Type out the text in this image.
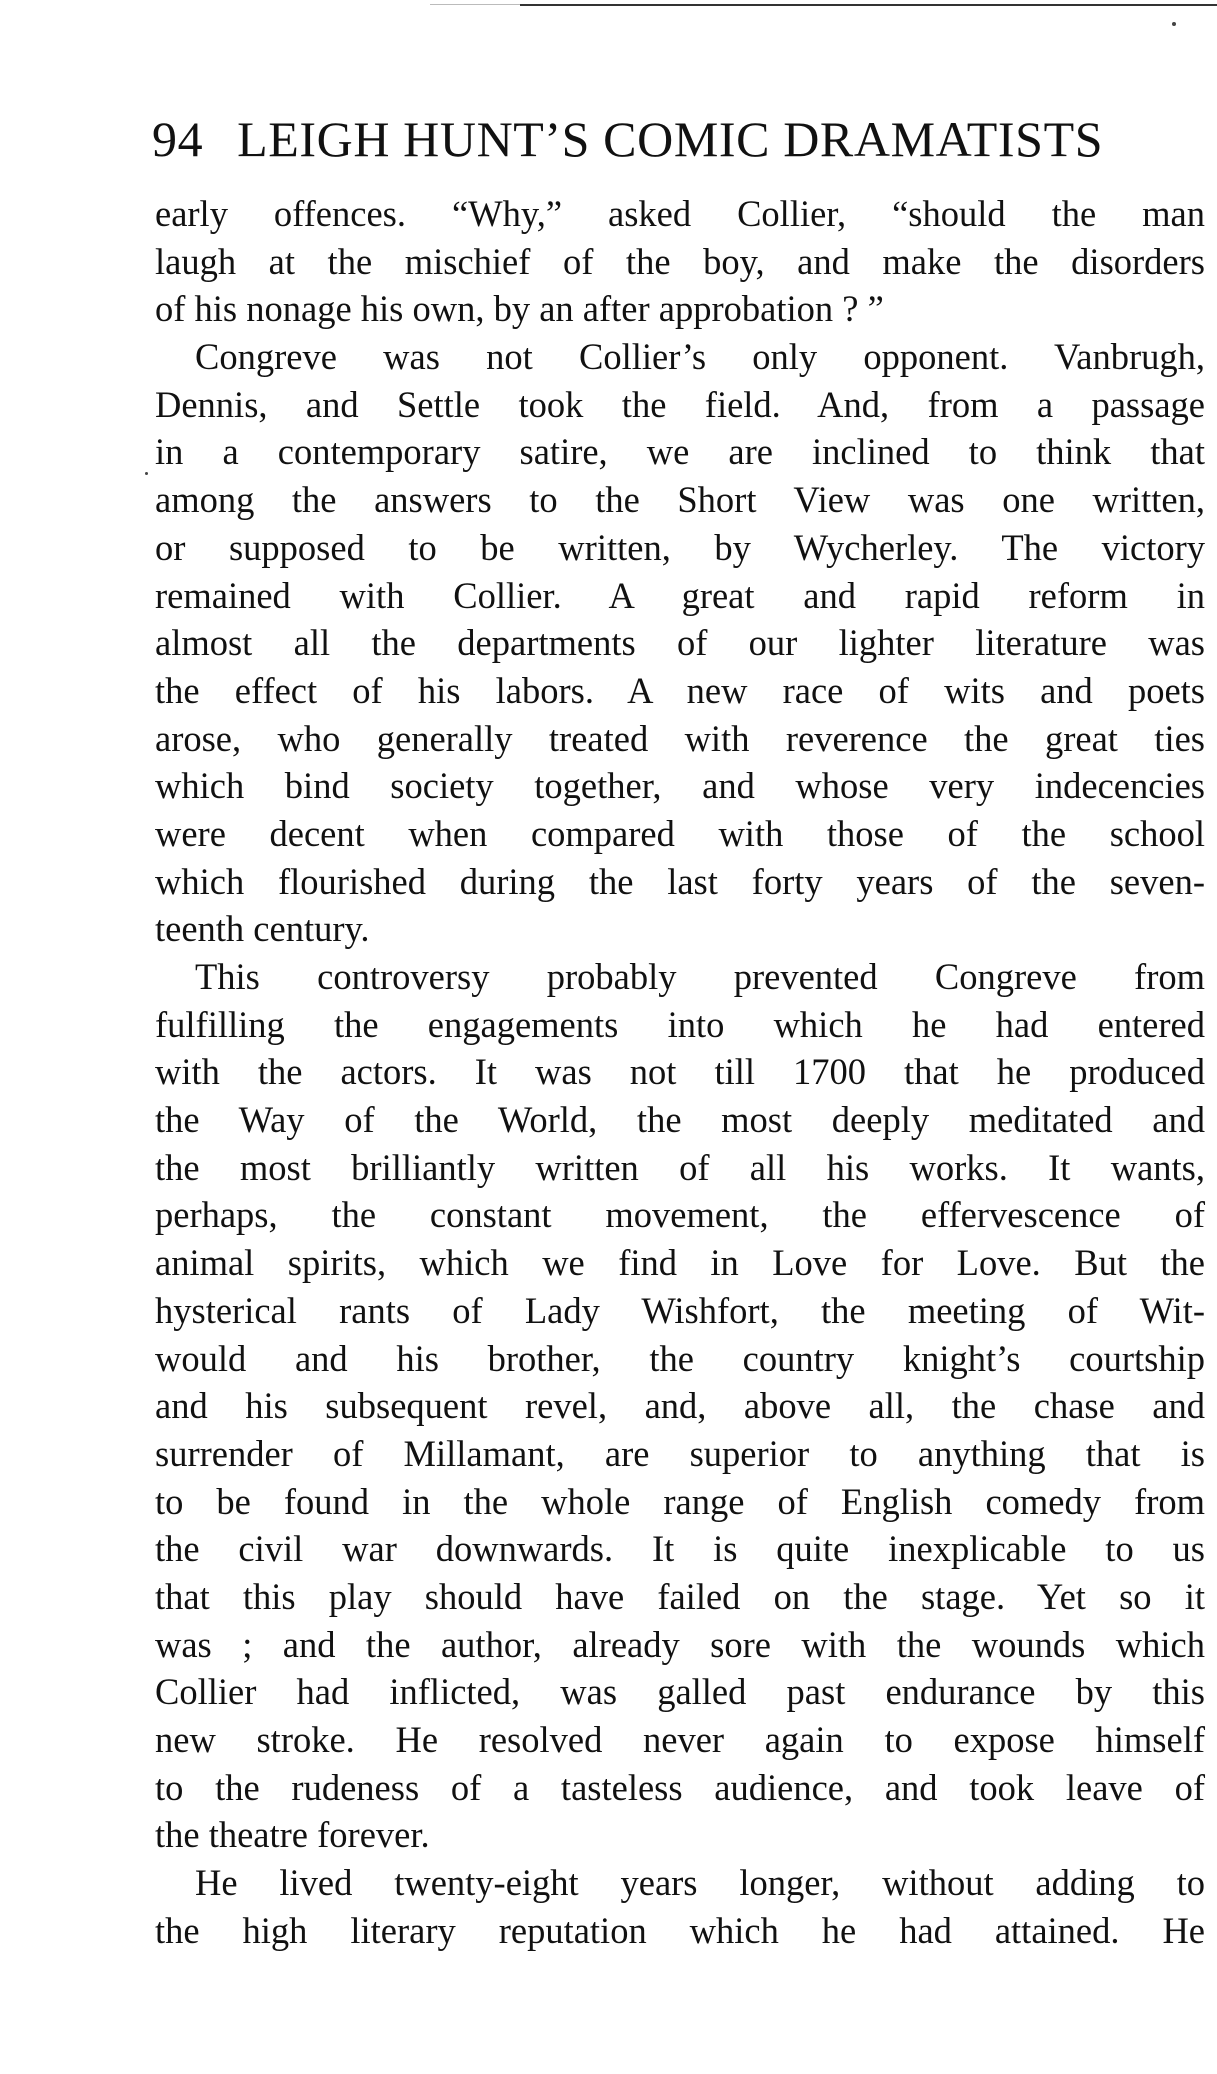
94 LEIGH HUNT’S COMIC DRAMATISTS
early offences. “Why,” asked Collier, “should the man
laugh at the mischief of the boy, and make the disorders
of his nonage his own, by an after approbation ? ”
Congreve was not Collier’s only opponent. Vanbrugh,
Dennis, and Settle took the field. And, from a passage
in a contemporary satire, we are inclined to think that
among the answers to the Short View was one written,
or supposed to be written, by Wycherley. The victory
remained with Collier. A great and rapid reform in
almost all the departments of our lighter literature was
the effect of his labors. A new race of wits and poets
arose, who generally treated with reverence the great ties
which bind society together, and whose very indecencies
were decent when compared with those of the school
which flourished during the last forty years of the seven-
teenth century.
This controversy probably prevented Congreve from
fulfilling the engagements into which he had entered
with the actors. It was not till 1700 that he produced
the Way of the World, the most deeply meditated and
the most brilliantly written of all his works. It wants,
perhaps, the constant movement, the effervescence of
animal spirits, which we find in Love for Love. But the
hysterical rants of Lady Wishfort, the meeting of Wit-
would and his brother, the country knight’s courtship
and his subsequent revel, and, above all, the chase and
surrender of Millamant, are superior to anything that is
to be found in the whole range of English comedy from
the civil war downwards. It is quite inexplicable to us
that this play should have failed on the stage. Yet so it
was ; and the author, already sore with the wounds which
Collier had inflicted, was galled past endurance by this
new stroke. He resolved never again to expose himself
to the rudeness of a tasteless audience, and took leave of
the theatre forever.
He lived twenty-eight years longer, without adding to
the high literary reputation which he had attained. He
